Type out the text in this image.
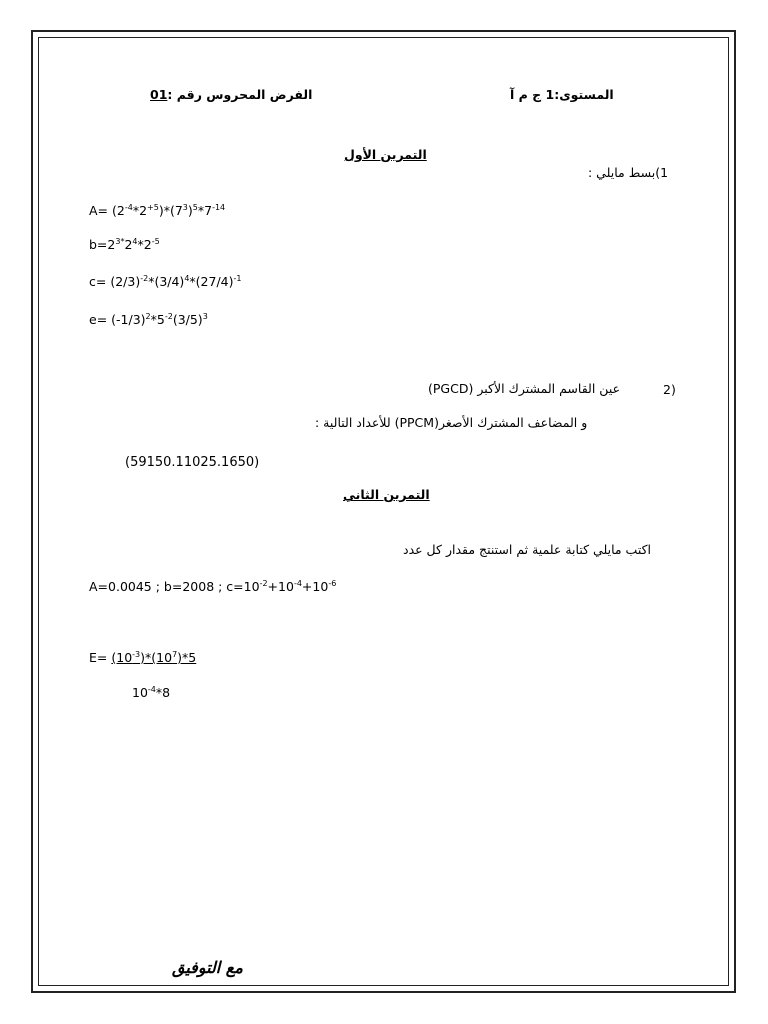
المستوى:1 ج م آ
01الفرض المحروس رقم :
التمرين الأول
1)بسط مايلي :
$A= (2^{-4}*2^{+5})*(7^3)^5*7^{-14}$
$b=2^{3*}2^4*2^{-5}$
$c= (2/3)^{-2}*(3/4)^4*(27/4)^{-1}$
$e= (-1/3)^2*5^{-2}(3/5)^3$
2)
عين القاسم المشترك الأكبر (PGCD)
و المضاعف المشترك الأصغر(PPCM) للأعداد التالية :
(59150.11025.1650)
التمرين الثاني
اكتب مايلي كتابة علمية ثم استنتج مقدار كل عدد
A=0.0045 ; b=2008 ; $c=10^{-2}+10^{-4}+10^{-6}$
$E= (10^{-3})*(10^7)*5$
$10^{-4}*8$
مع التوفيق
